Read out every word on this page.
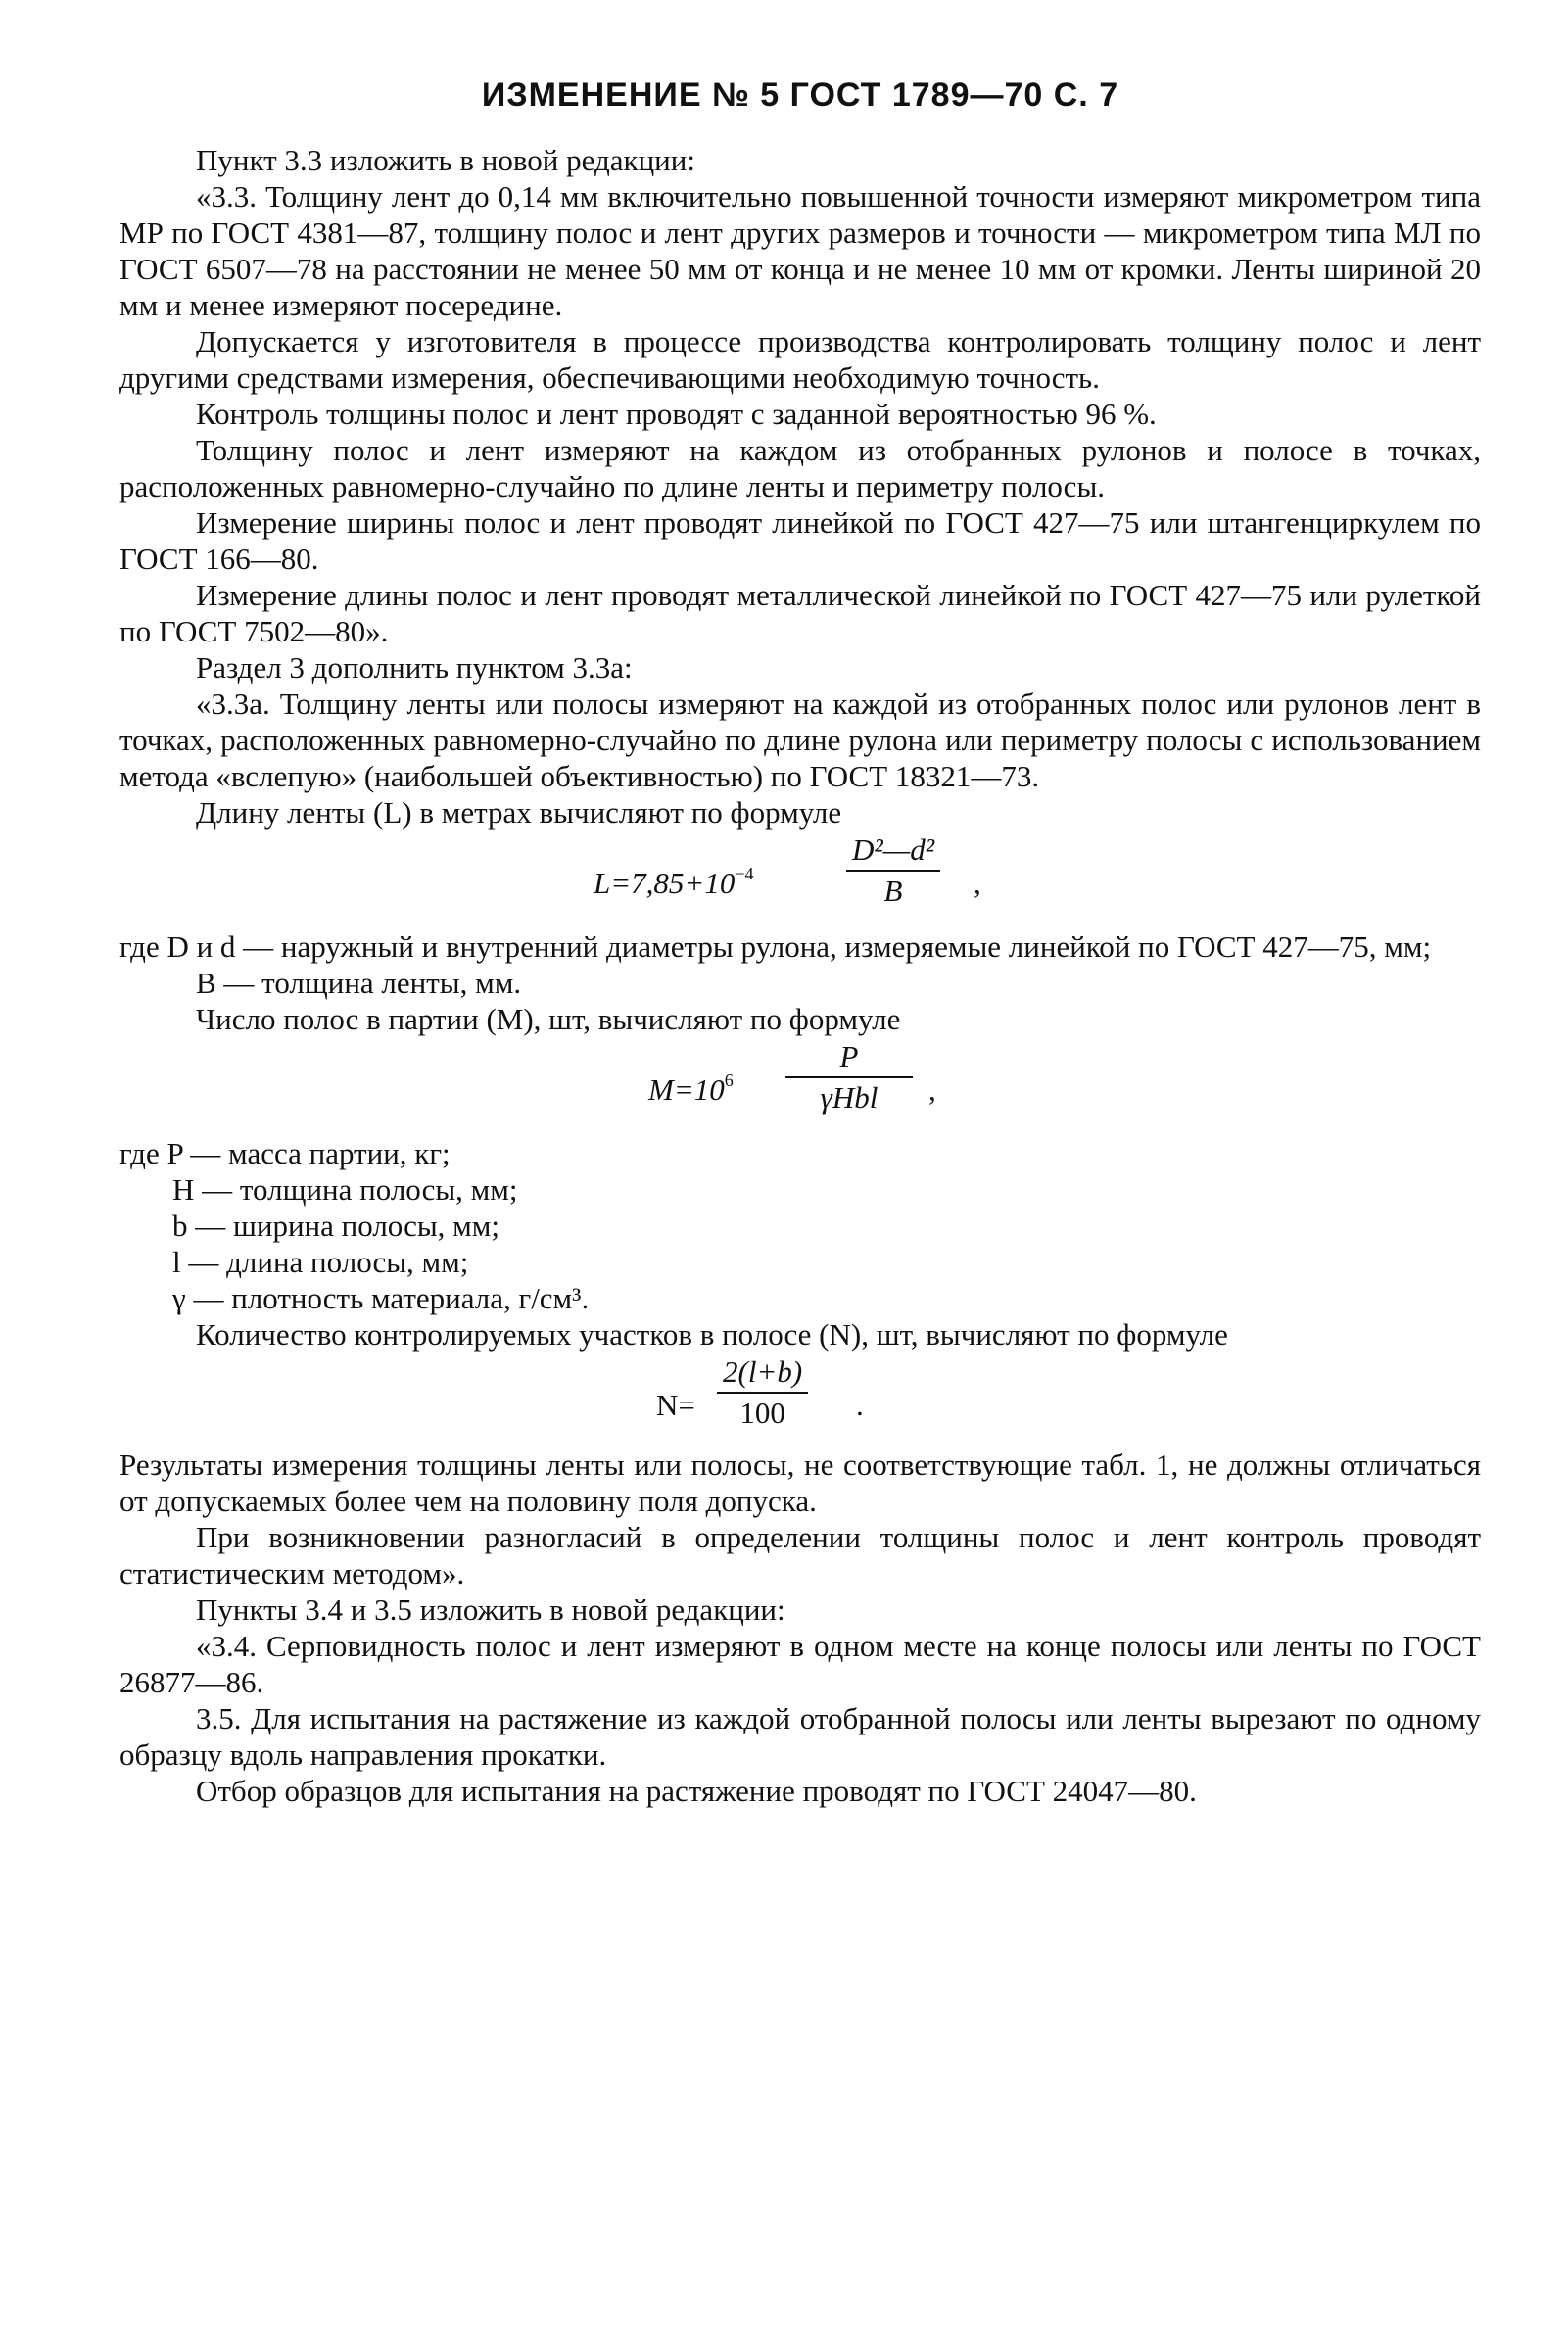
ИЗМЕНЕНИЕ № 5 ГОСТ 1789—70 С. 7

Пункт 3.3 изложить в новой редакции:

«3.3. Толщину лент до 0,14 мм включительно повышенной точности измеряют микрометром типа МР по ГОСТ 4381—87, толщину полос и лент других размеров и точности — микрометром типа МЛ по ГОСТ 6507—78 на расстоянии не менее 50 мм от конца и не менее 10 мм от кромки. Ленты шириной 20 мм и менее измеряют посередине.

Допускается у изготовителя в процессе производства контролировать толщину полос и лент другими средствами измерения, обеспечивающими необходимую точность.

Контроль толщины полос и лент проводят с заданной вероятностью 96 %.

Толщину полос и лент измеряют на каждом из отобранных рулонов и полосе в точках, расположенных равномерно-случайно по длине ленты и периметру полосы.

Измерение ширины полос и лент проводят линейкой по ГОСТ 427—75 или штангенциркулем по ГОСТ 166—80.

Измерение длины полос и лент проводят металлической линейкой по ГОСТ 427—75 или рулеткой по ГОСТ 7502—80».

Раздел 3 дополнить пунктом 3.3а:

«3.3а. Толщину ленты или полосы измеряют на каждой из отобранных полос или рулонов лент в точках, расположенных равномерно-случайно по длине рулона или периметру полосы с использованием метода «вслепую» (наибольшей объективностью) по ГОСТ 18321—73.

Длину ленты (L) в метрах вычисляют по формуле

$L=7,85+10^{-4}$
D²—d²
B	,

где D и d — наружный и внутренний диаметры рулона, измеряемые линейкой по ГОСТ 427—75, мм;

B — толщина ленты, мм.

Число полос в партии (M), шт, вычисляют по формуле

$M=10^6$
P
γHbl	,
где P — масса партии, кг;
H — толщина полосы, мм;
b — ширина полосы, мм;
l — длина полосы, мм;
γ — плотность материала, г/см³.

Количество контролируемых участков в полосе (N), шт, вычисляют по формуле

N=
2(l+b)
100	.

Результаты измерения толщины ленты или полосы, не соответствующие табл. 1, не должны отличаться от допускаемых более чем на половину поля допуска.

При возникновении разногласий в определении толщины полос и лент контроль проводят статистическим методом».

Пункты 3.4 и 3.5 изложить в новой редакции:

«3.4. Серповидность полос и лент измеряют в одном месте на конце полосы или ленты по ГОСТ 26877—86.

3.5. Для испытания на растяжение из каждой отобранной полосы или ленты вырезают по одному образцу вдоль направления прокатки.

Отбор образцов для испытания на растяжение проводят по ГОСТ 24047—80.
